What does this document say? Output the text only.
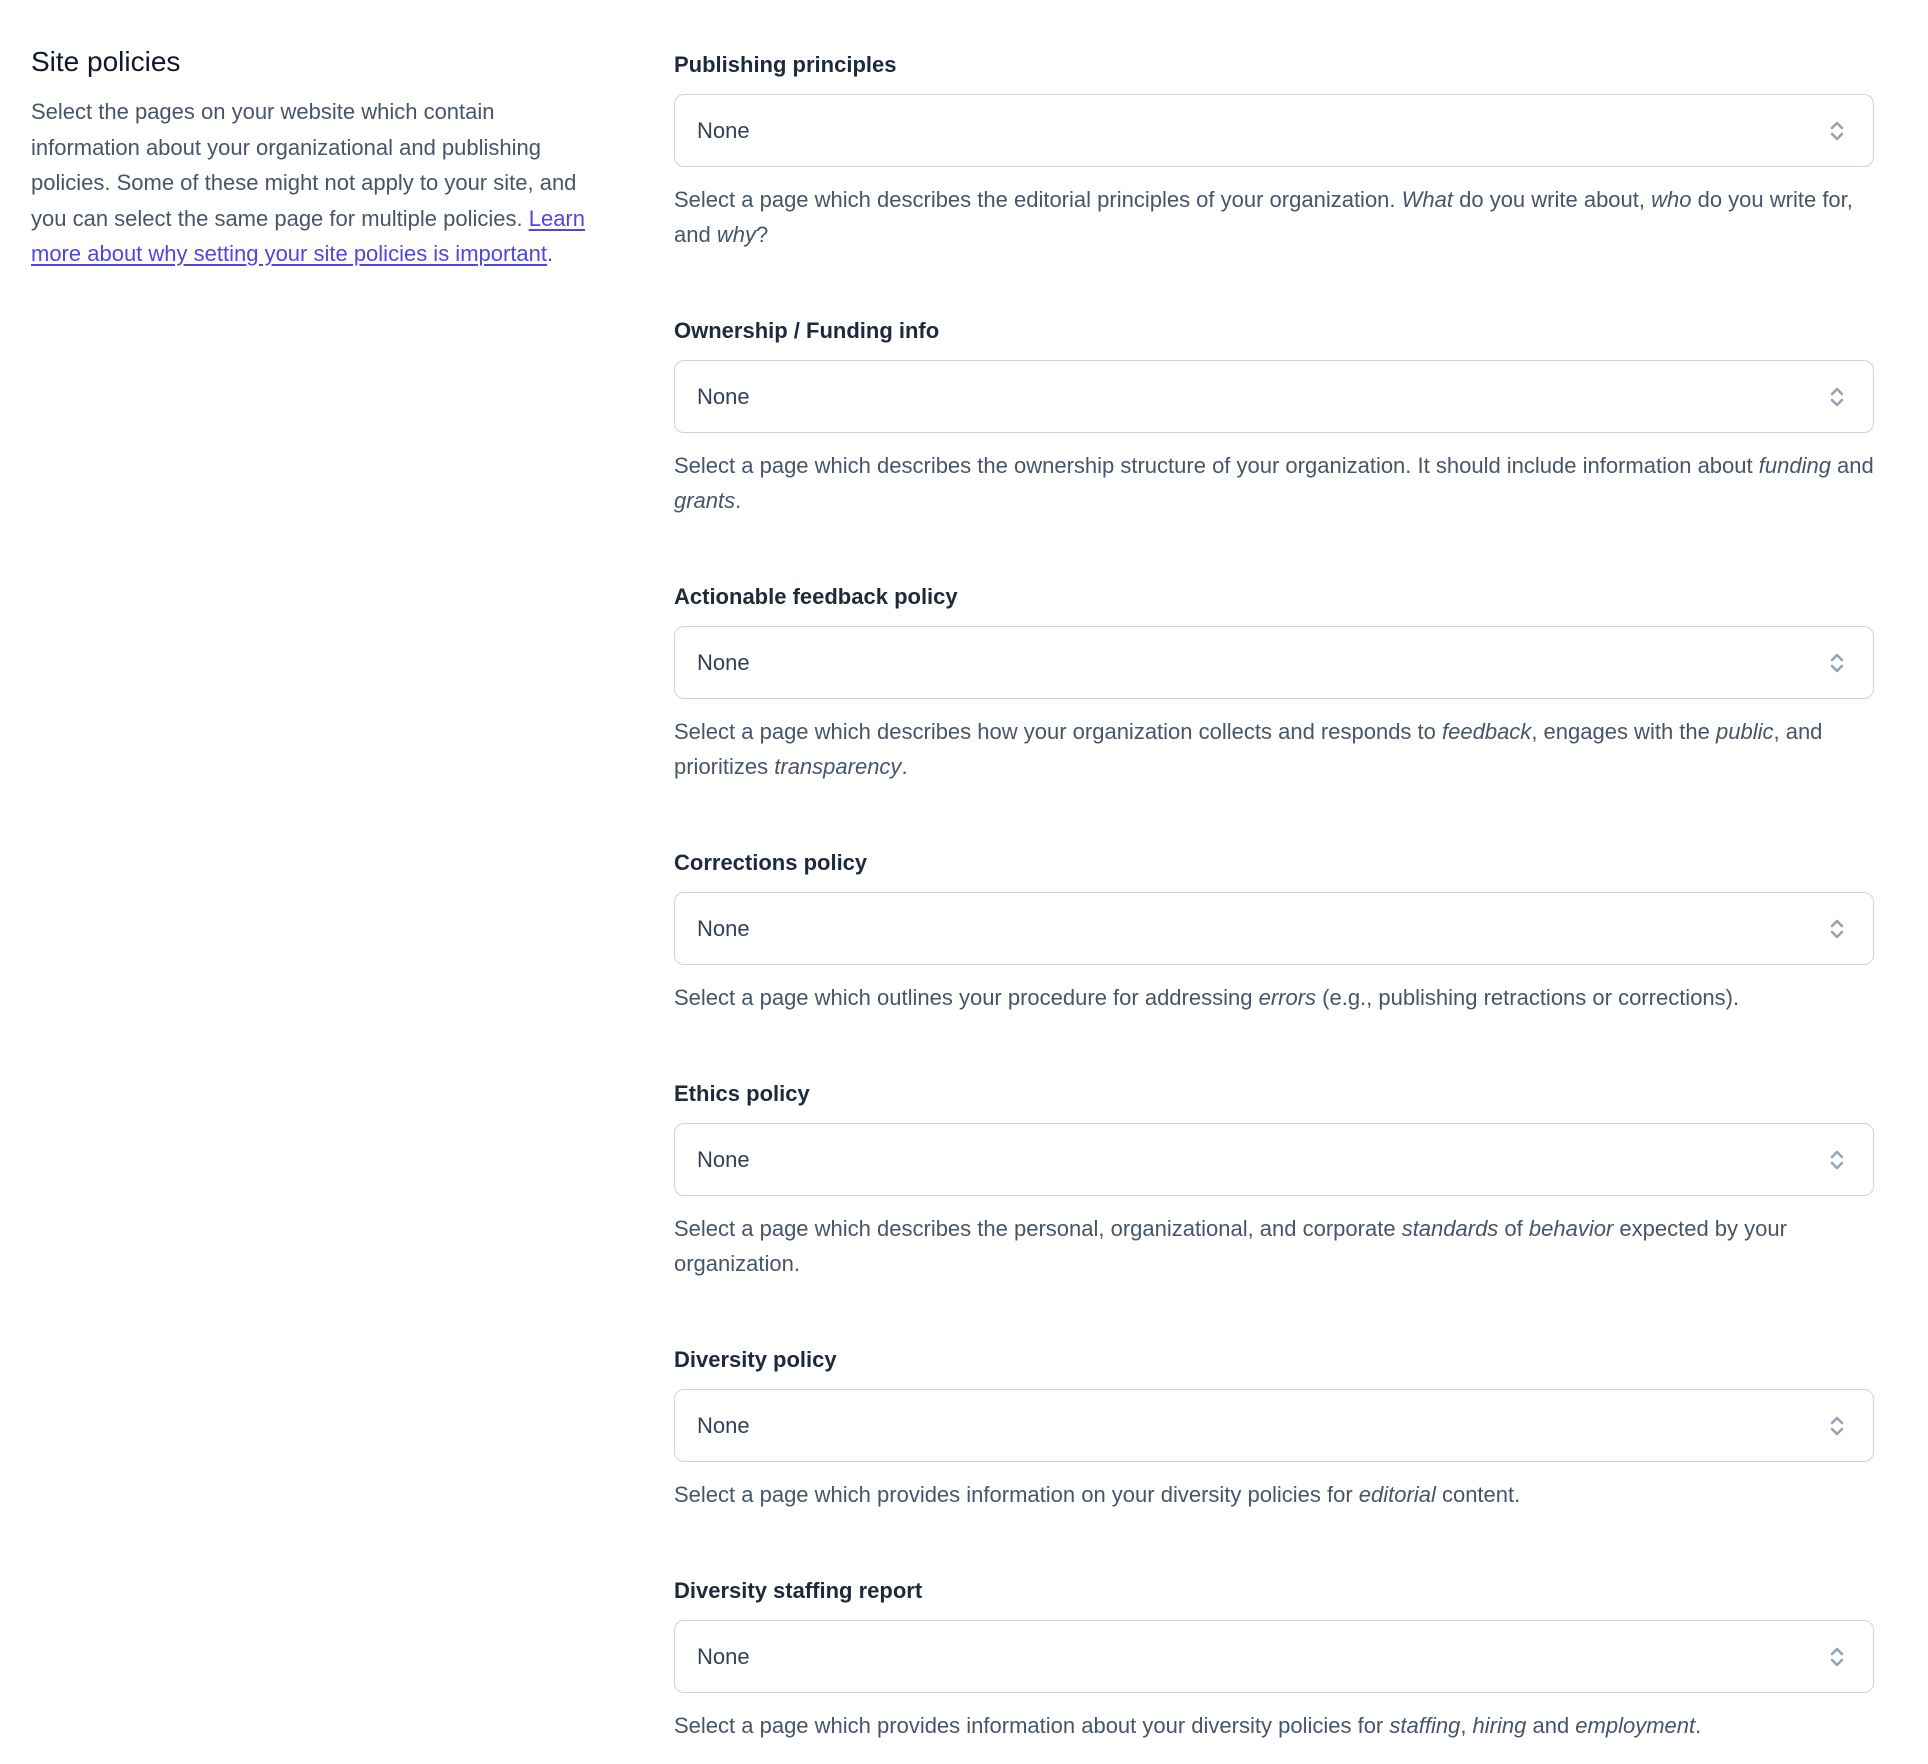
Site policies

Select the pages on your website which contain information about your organizational and publishing policies. Some of these might not apply to your site, and you can select the same page for multiple policies. Learn more about why setting your site policies is important.

Publishing principles
None

Select a page which describes the editorial principles of your organization. What do you write about, who do you write for, and why?

Ownership / Funding info
None

Select a page which describes the ownership structure of your organization. It should include information about funding and grants.

Actionable feedback policy
None

Select a page which describes how your organization collects and responds to feedback, engages with the public, and prioritizes transparency.

Corrections policy
None

Select a page which outlines your procedure for addressing errors (e.g., publishing retractions or corrections).

Ethics policy
None

Select a page which describes the personal, organizational, and corporate standards of behavior expected by your organization.

Diversity policy
None

Select a page which provides information on your diversity policies for editorial content.

Diversity staffing report
None

Select a page which provides information about your diversity policies for staffing, hiring and employment.
